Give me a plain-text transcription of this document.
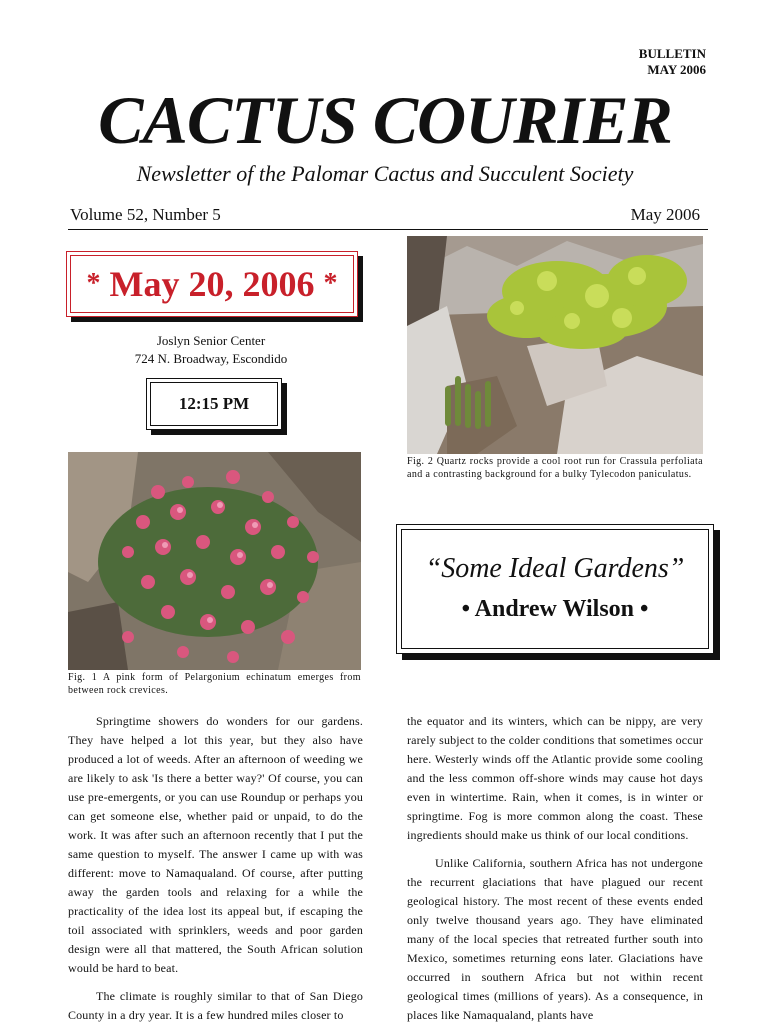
BULLETIN
MAY 2006
CACTUS COURIER
Newsletter of the Palomar Cactus and Succulent Society
Volume 52, Number 5	May 2006
* May 20, 2006 *
Joslyn Senior Center
724 N. Broadway, Escondido
12:15 PM
Fig. 2 Quartz rocks provide a cool root run for Crassula perfoliata and a contrasting background for a bulky Tylecodon paniculatus.
Fig. 1 A pink form of Pelargonium echinatum emerges from between rock crevices.
“Some Ideal Gardens”
• Andrew Wilson •

Springtime showers do wonders for our gardens. They have helped a lot this year, but they also have produced a lot of weeds. After an afternoon of weeding we are likely to ask 'Is there a better way?' Of course, you can use pre-emergents, or you can use Roundup or perhaps you can get someone else, whether paid or unpaid, to do the work. It was after such an afternoon recently that I put the same question to myself. The answer I came up with was different: move to Namaqualand. Of course, after putting away the garden tools and relaxing for a while the practicality of the idea lost its appeal but, if escaping the toil associated with sprinklers, weeds and poor garden design were all that mattered, the South African solution would be hard to beat.

The climate is roughly similar to that of San Diego County in a dry year. It is a few hundred miles closer to

the equator and its winters, which can be nippy, are very rarely subject to the colder conditions that sometimes occur here. Westerly winds off the Atlantic provide some cooling and the less common off-shore winds may cause hot days even in wintertime. Rain, when it comes, is in winter or springtime. Fog is more common along the coast. These ingredients should make us think of our local conditions.

Unlike California, southern Africa has not undergone the recurrent glaciations that have plagued our recent geological history. The most recent of these events ended only twelve thousand years ago. They have eliminated many of the local species that retreated further south into Mexico, sometimes returning eons later. Glaciations have occurred in southern Africa but not within recent geological times (millions of years). As a consequence, in places like Namaqualand, plants have
